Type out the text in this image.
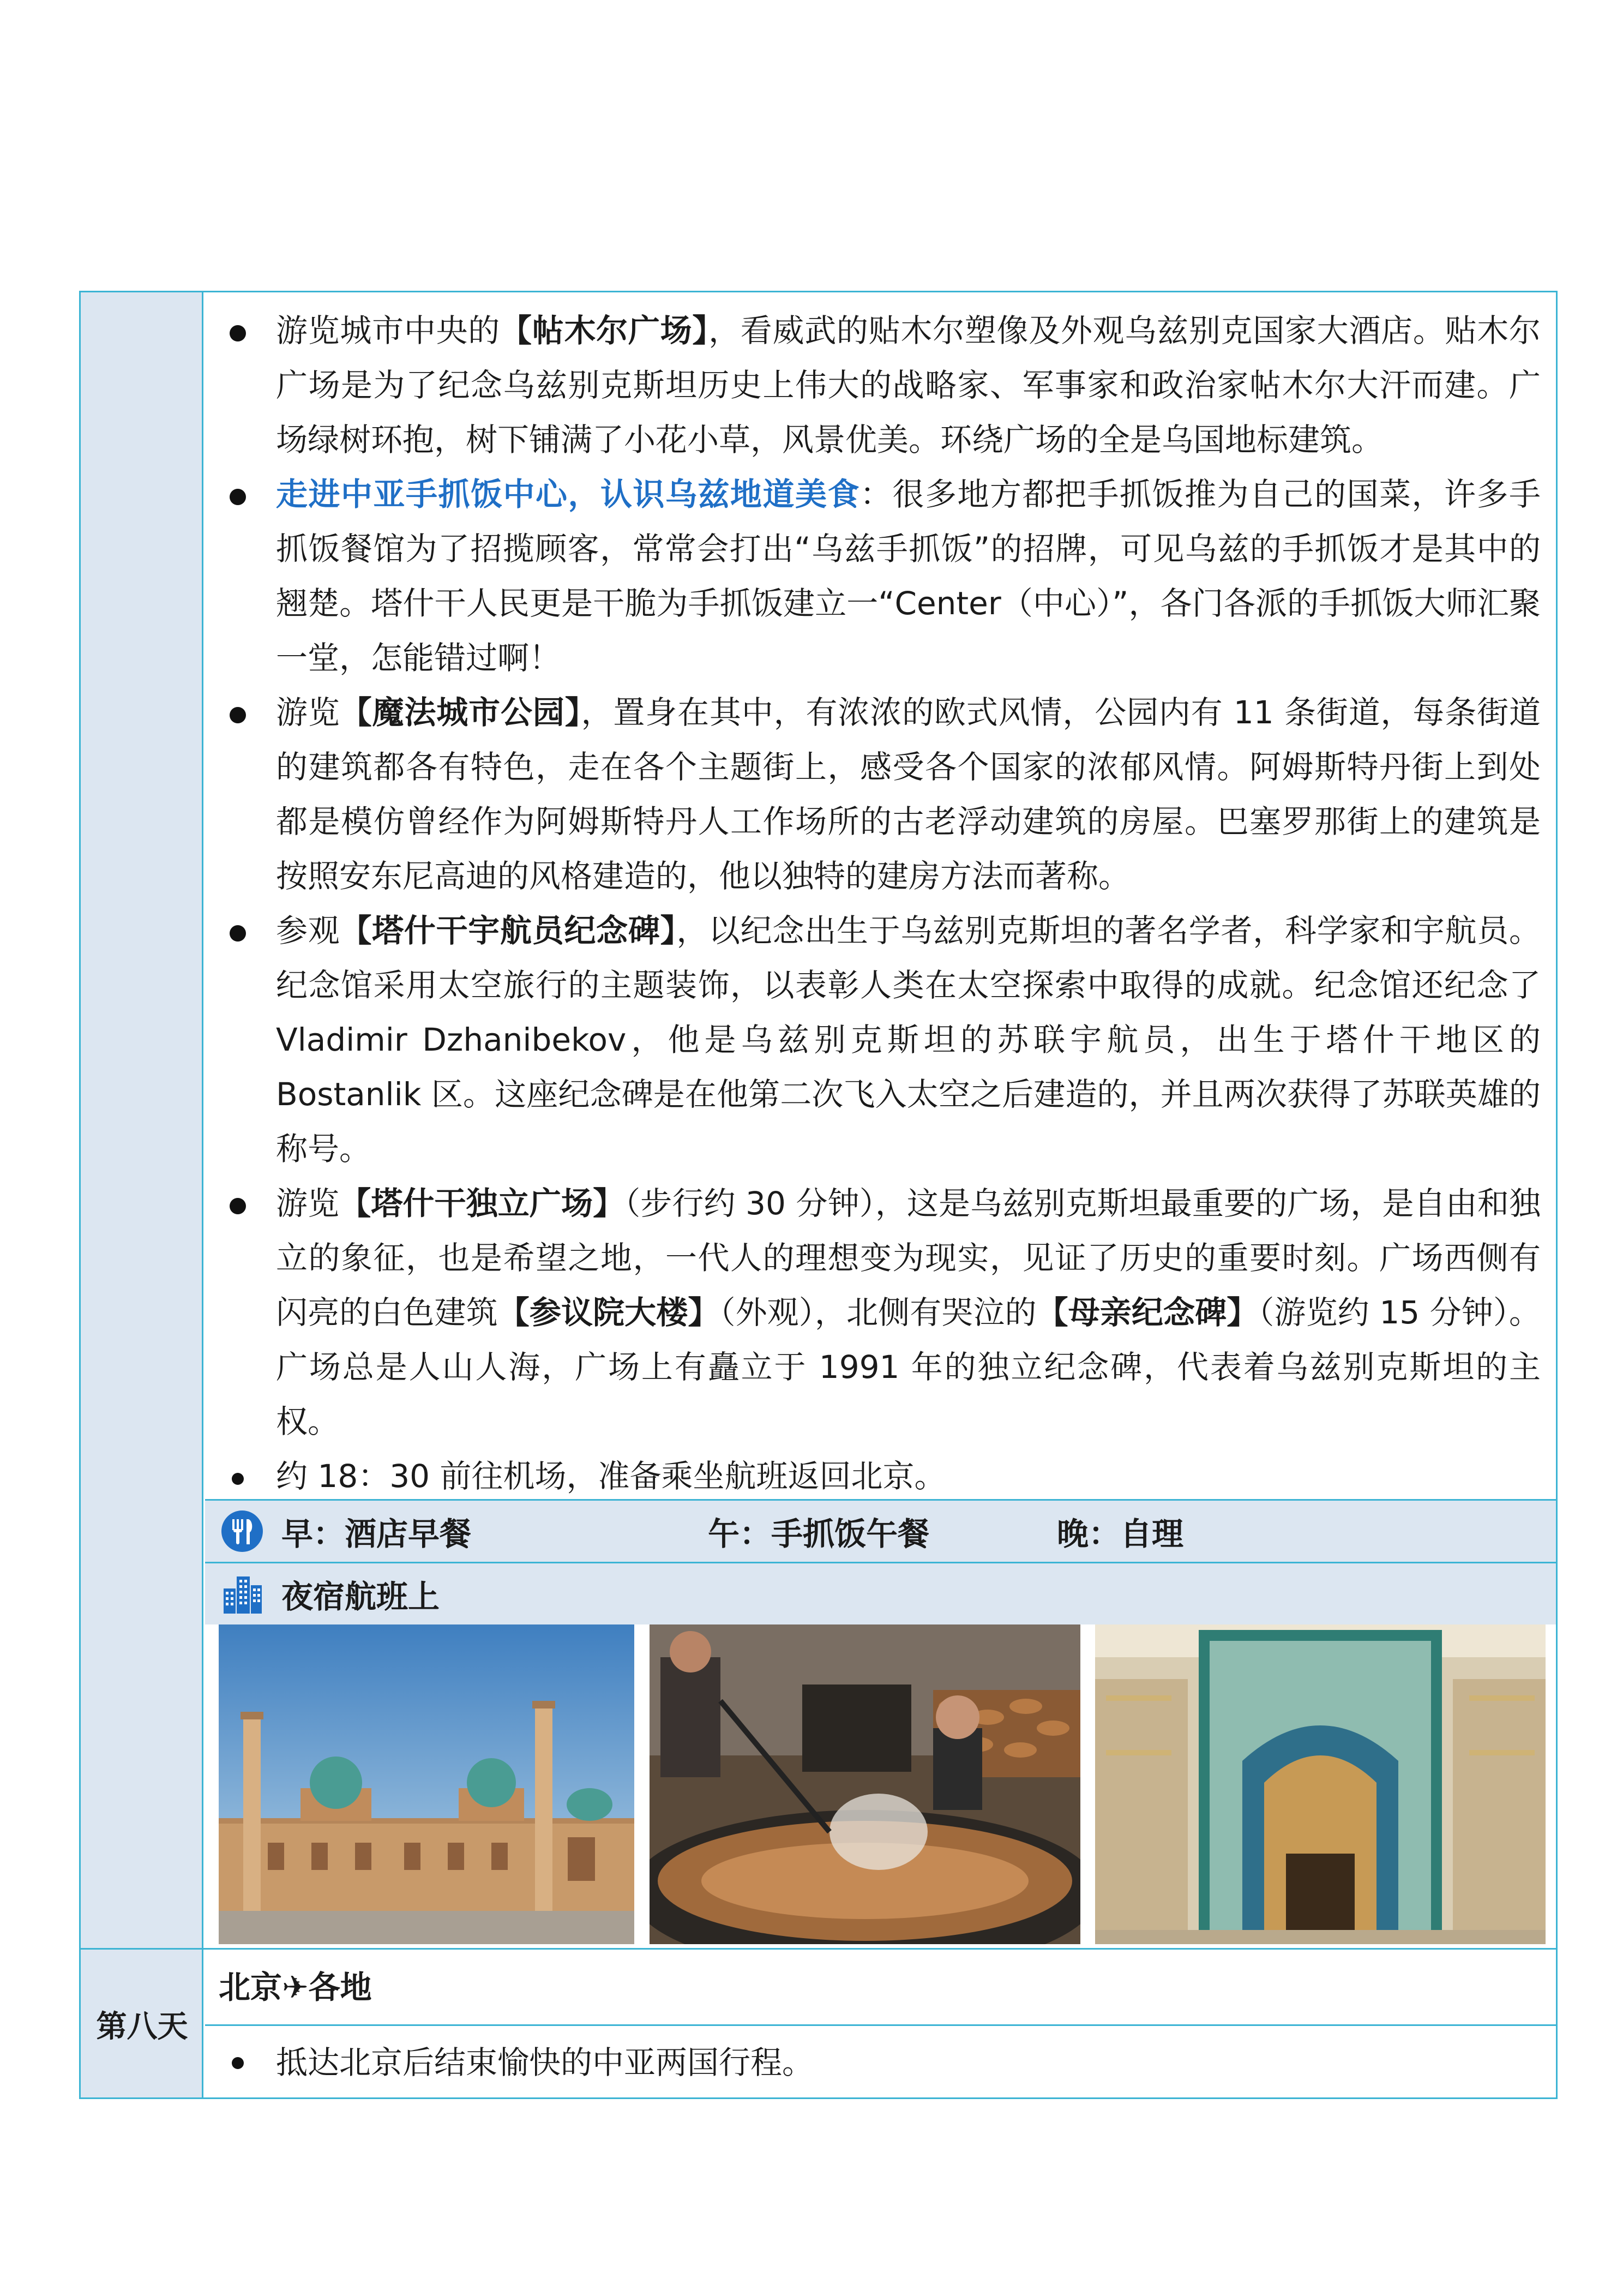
第八天
游览城市中央的【帖木尔广场】，看威武的贴木尔塑像及外观乌兹别克国家大酒店。贴木尔广场是为了纪念乌兹别克斯坦历史上伟大的战略家、军事家和政治家帖木尔大汗而建。广场绿树环抱，树下铺满了小花小草，风景优美。环绕广场的全是乌国地标建筑。
走进中亚手抓饭中心，认识乌兹地道美食：很多地方都把手抓饭推为自己的国菜，许多手抓饭餐馆为了招揽顾客，常常会打出“乌兹手抓饭”的招牌，可见乌兹的手抓饭才是其中的翘楚。塔什干人民更是干脆为手抓饭建立一“Center（中心）”，各门各派的手抓饭大师汇聚一堂，怎能错过啊！
游览【魔法城市公园】，置身在其中，有浓浓的欧式风情，公园内有 11 条街道，每条街道的建筑都各有特色，走在各个主题街上，感受各个国家的浓郁风情。阿姆斯特丹街上到处都是模仿曾经作为阿姆斯特丹人工作场所的古老浮动建筑的房屋。巴塞罗那街上的建筑是按照安东尼高迪的风格建造的，他以独特的建房方法而著称。
游览【塔什干独立广场】（步行约 30 分钟），这是乌兹别克斯坦最重要的广场，是自由和独立的象征，也是希望之地，一代人的理想变为现实，见证了历史的重要时刻。广场西侧有闪亮的白色建筑【参议院大楼】（外观），北侧有哭泣的【母亲纪念碑】（游览约 15 分钟）。广场总是人山人海，广场上有矗立于 1991 年的独立纪念碑，代表着乌兹别克斯坦的主权。
参观【塔什干宇航员纪念碑】，以纪念出生于乌兹别克斯坦的著名学者，科学家和宇航员。纪念馆采用太空旅行的主题装饰，以表彰人类在太空探索中取得的成就。纪念馆还纪念了 Vladimir Dzhanibekov，他是乌兹别克斯坦的苏联宇航员，出生于塔什干地区的 Bostanlik 区。这座纪念碑是在他第二次飞入太空之后建造的，并且两次获得了苏联英雄的称号。
约 18：30 前往机场，准备乘坐航班返回北京。
早：酒店早餐	午：手抓饭午餐	晚：自理
夜宿航班上
北京✈各地
抵达北京后结束愉快的中亚两国行程。
